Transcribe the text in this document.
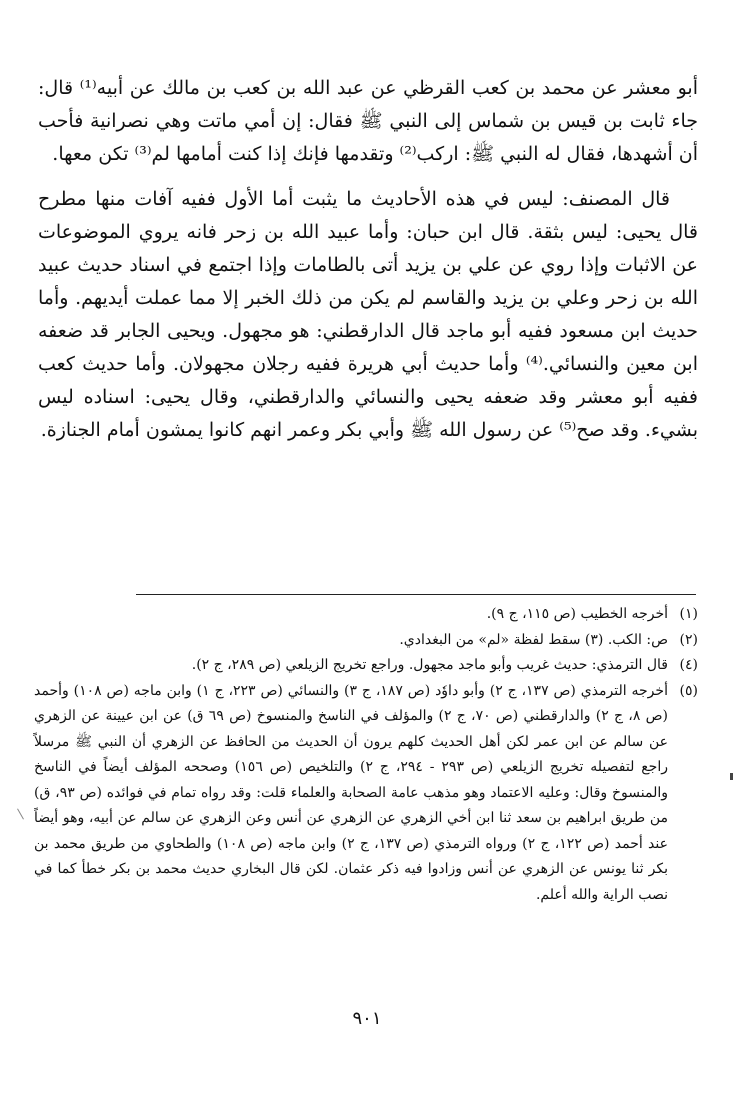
أبو معشر عن محمد بن كعب القرظي عن عبد الله بن كعب بن مالك عن أبيه⁽¹⁾ قال: جاء ثابت بن قيس بن شماس إلى النبي ﷺ فقال: إن أمي ماتت وهي نصرانية فأحب أن أشهدها، فقال له النبي ﷺ: اركب⁽²⁾ وتقدمها فإنك إذا كنت أمامها لم⁽³⁾ تكن معها.

قال المصنف: ليس في هذه الأحاديث ما يثبت أما الأول ففيه آفات منها مطرح قال يحيى: ليس بثقة. قال ابن حبان: وأما عبيد الله بن زحر فانه يروي الموضوعات عن الاثبات وإذا روي عن علي بن يزيد أتى بالطامات وإذا اجتمع في اسناد حديث عبيد الله بن زحر وعلي بن يزيد والقاسم لم يكن من ذلك الخبر إلا مما عملت أيديهم. وأما حديث ابن مسعود ففيه أبو ماجد قال الدارقطني: هو مجهول. ويحيى الجابر قد ضعفه ابن معين والنسائي.⁽⁴⁾ وأما حديث أبي هريرة ففيه رجلان مجهولان. وأما حديث كعب ففيه أبو معشر وقد ضعفه يحيى والنسائي والدارقطني، وقال يحيى: اسناده ليس بشيء. وقد صح⁽⁵⁾ عن رسول الله ﷺ وأبي بكر وعمر انهم كانوا يمشون أمام الجنازة.

(١)
أخرجه الخطيب (ص ١١٥، ج ٩).
(٢)
ص: الكب. (٣) سقط لفظة «لم» من البغدادي.
(٤)
قال الترمذي: حديث غريب وأبو ماجد مجهول. وراجع تخريج الزيلعي (ص ٢٨٩، ج ٢).
(٥)
أخرجه الترمذي (ص ١٣٧، ج ٢) وأبو داوٗد (ص ١٨٧، ج ٣) والنسائي (ص ٢٢٣، ج ١) وابن ماجه (ص ١٠٨) وأحمد (ص ٨، ج ٢) والدارقطني (ص ٧٠، ج ٢) والمؤلف في الناسخ والمنسوخ (ص ٦٩ ق) عن ابن عيينة عن الزهري عن سالم عن ابن عمر لكن أهل الحديث كلهم يرون أن الحديث من الحافظ عن الزهري أن النبي ﷺ مرسلاً راجع لتفصيله تخريج الزيلعي (ص ٢٩٣ - ٢٩٤، ج ٢) والتلخيص (ص ١٥٦) وصححه المؤلف أيضاً في الناسخ والمنسوخ وقال: وعليه الاعتماد وهو مذهب عامة الصحابة والعلماء قلت: وقد رواه تمام في فوائده (ص ٩٣، ق) من طريق ابراهيم بن سعد ثنا ابن أخي الزهري عن الزهري عن أنس وعن الزهري عن سالم عن أبيه، وهو أيضاً عند أحمد (ص ١٢٢، ج ٢) ورواه الترمذي (ص ١٣٧، ج ٢) وابن ماجه (ص ١٠٨) والطحاوي من طريق محمد بن بكر ثنا يونس عن الزهري عن أنس وزادوا فيه ذكر عثمان. لكن قال البخاري حديث محمد بن بكر خطأ كما في نصب الراية والله أعلم.
٩٠١
